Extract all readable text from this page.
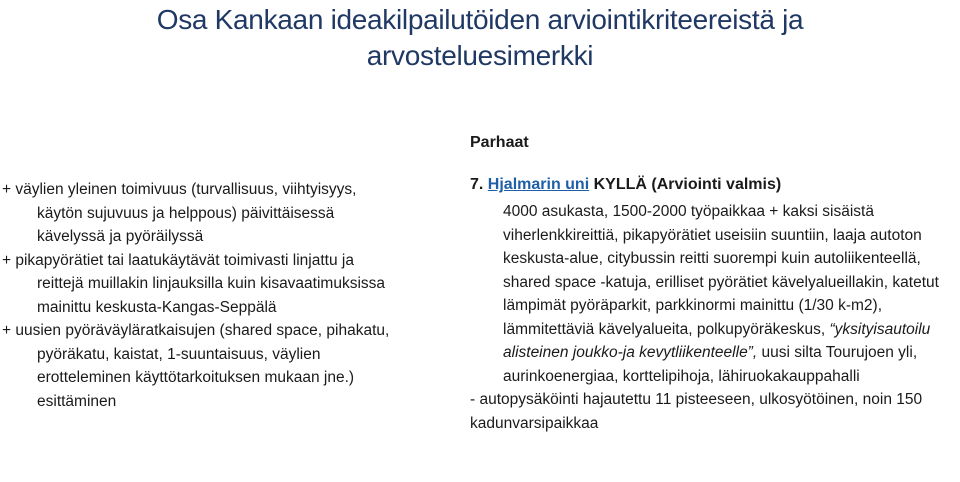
Osa Kankaan ideakilpailutöiden arviointikriteereistä ja arvosteluesimerkki

+ väylien yleinen toimivuus (turvallisuus, viihtyisyys, käytön sujuvuus ja helppous) päivittäisessä kävelyssä ja pyöräilyssä

+ pikapyörätiet tai laatukäytävät toimivasti linjattu ja reittejä muillakin linjauksilla kuin kisavaatimuksissa mainittu keskusta-Kangas-Seppälä

+ uusien pyöräväyläratkaisujen (shared space, pihakatu, pyöräkatu, kaistat, 1-suuntaisuus, väylien erotteleminen käyttötarkoituksen mukaan jne.) esittäminen

Parhaat

7. Hjalmarin uni KYLLÄ (Arviointi valmis)

4000 asukasta, 1500-2000 työpaikkaa + kaksi sisäistä viherlenkkireittiä, pikapyörätiet useisiin suuntiin, laaja autoton keskusta-alue, citybussin reitti suorempi kuin autoliikenteellä, shared space -katuja, erilliset pyörätiet kävelyalueillakin, katetut lämpimät pyöräparkit, parkkinormi mainittu (1/30 k-m2), lämmitettäviä kävelyalueita, polkupyöräkeskus, “yksityisautoilu alisteinen joukko-ja kevytliikenteelle”, uusi silta Tourujoen yli, aurinkoenergiaa, korttelipihoja, lähiruokakauppahalli

- autopysäköinti hajautettu 11 pisteeseen, ulkosyötöinen, noin 150 kadunvarsipaikkaa
